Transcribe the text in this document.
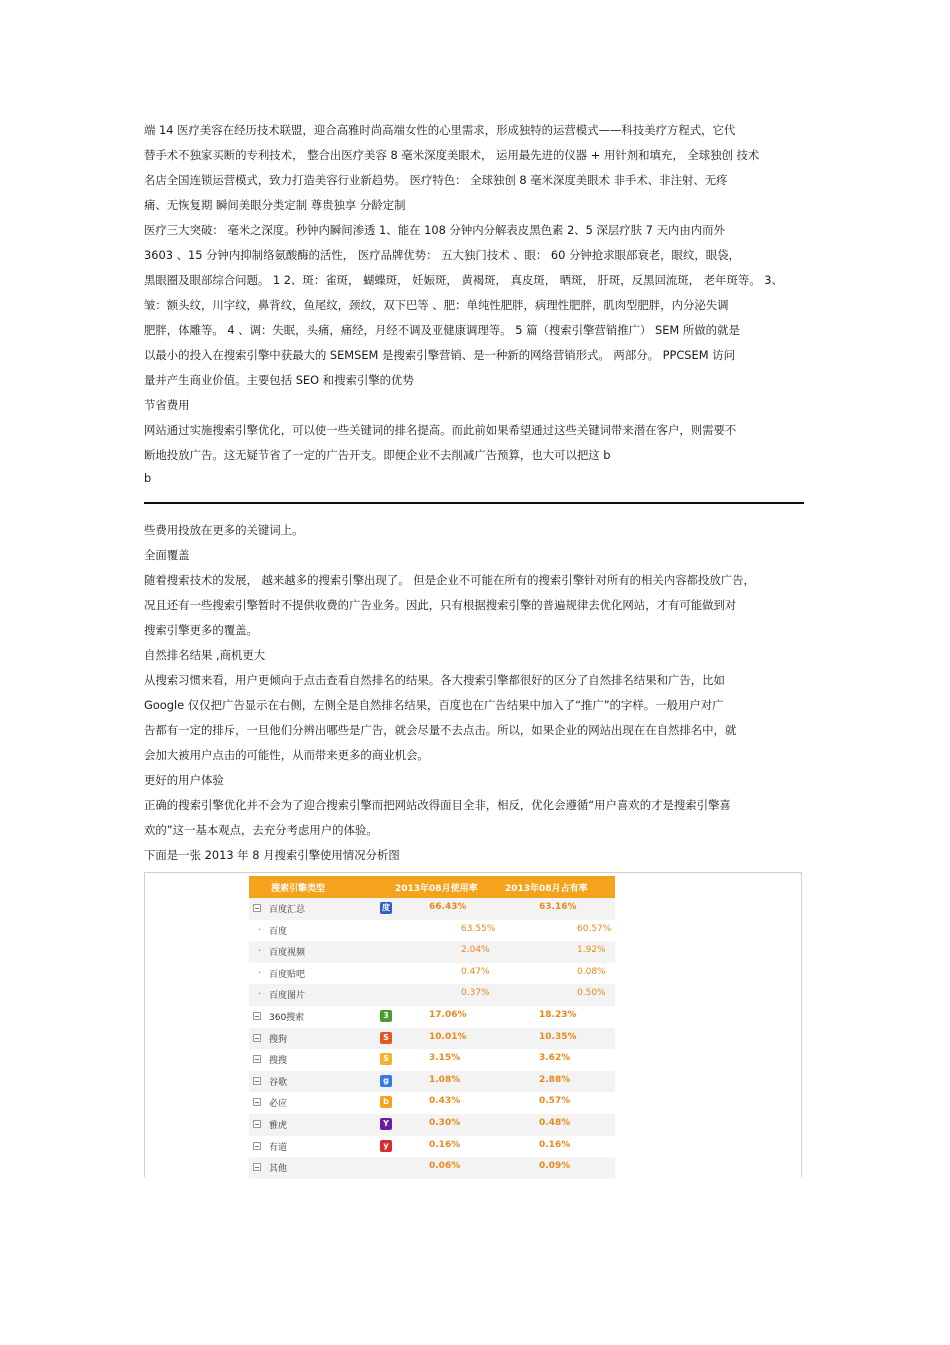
端 14 医疗美容在经历技术联盟，迎合高雅时尚高端女性的心里需求，形成独特的运营模式——科技美疗方程式，它代
替手术不独家买断的专利技术， 整合出医疗美容 8 毫米深度美眼术， 运用最先进的仪器 + 用针剂和填充， 全球独创 技术
名店全国连锁运营模式，致力打造美容行业新趋势。 医疗特色： 全球独创 8 毫米深度美眼术 非手术、非注射、无疼
痛、无恢复期 瞬间美眼分类定制 尊贵独享 分龄定制
医疗三大突破： 毫米之深度。秒钟内瞬间渗透 1、能在 108 分钟内分解表皮黑色素 2、5 深层疗肤 7 天内由内而外
3603 、15 分钟内抑制络氨酸酶的活性， 医疗品牌优势： 五大独门技术 、眼： 60 分钟抢求眼部衰老，眼纹，眼袋，
黑眼圈及眼部综合问题。 1 2、斑：雀斑， 蝴蝶斑， 妊娠斑， 黄褐斑， 真皮斑， 晒斑， 肝斑，反黑回流斑， 老年斑等。 3、
皱：额头纹，川字纹，鼻背纹，鱼尾纹，颈纹，双下巴等 、肥：单纯性肥胖，病理性肥胖，肌肉型肥胖，内分泌失调
肥胖，体雕等。 4 、调：失眠，头痛，痛经，月经不调及亚健康调理等。 5 篇（搜索引擎营销推广） SEM 所做的就是
以最小的投入在搜索引擎中获最大的 SEMSEM 是搜索引擎营销、是一种新的网络营销形式。 两部分。 PPCSEM 访问
量并产生商业价值。主要包括 SEO 和搜索引擎的优势
节省费用
网站通过实施搜索引擎优化，可以使一些关键词的排名提高。而此前如果希望通过这些关键词带来潜在客户，则需要不
断地投放广告。这无疑节省了一定的广告开支。即便企业不去削减广告预算，也大可以把这 b
b
些费用投放在更多的关键词上。
全面覆盖
随着搜索技术的发展， 越来越多的搜索引擎出现了。 但是企业不可能在所有的搜索引擎针对所有的相关内容都投放广告，
况且还有一些搜索引擎暂时不提供收费的广告业务。因此，只有根据搜索引擎的普遍规律去优化网站，才有可能做到对
搜索引擎更多的覆盖。
自然排名结果 ,商机更大
从搜索习惯来看，用户更倾向于点击查看自然排名的结果。各大搜索引擎都很好的区分了自然排名结果和广告，比如
Google 仅仅把广告显示在右侧，左侧全是自然排名结果，百度也在广告结果中加入了“推广”的字样。一般用户对广
告都有一定的排斥，一旦他们分辨出哪些是广告，就会尽量不去点击。所以，如果企业的网站出现在在自然排名中，就
会加大被用户点击的可能性，从而带来更多的商业机会。
更好的用户体验
正确的搜索引擎优化并不会为了迎合搜索引擎而把网站改得面目全非，相反，优化会遵循“用户喜欢的才是搜索引擎喜
欢的”这一基本观点，去充分考虑用户的体验。
下面是一张 2013 年 8 月搜索引擎使用情况分析图
搜索引擎类型	2013年08月使用率	2013年08月占有率
百度汇总	度	66.43%	63.16%
· 百度	63.55%	60.57%
· 百度视频	2.04%	1.92%
· 百度贴吧	0.47%	0.08%
· 百度图片	0.37%	0.50%
360搜索	3	17.06%	18.23%
搜狗	S	10.01%	10.35%
搜搜	S	3.15%	3.62%
谷歌	g	1.08%	2.88%
必应	b	0.43%	0.57%
雅虎	Y	0.30%	0.48%
有道	y	0.16%	0.16%
其他	0.06%	0.09%
